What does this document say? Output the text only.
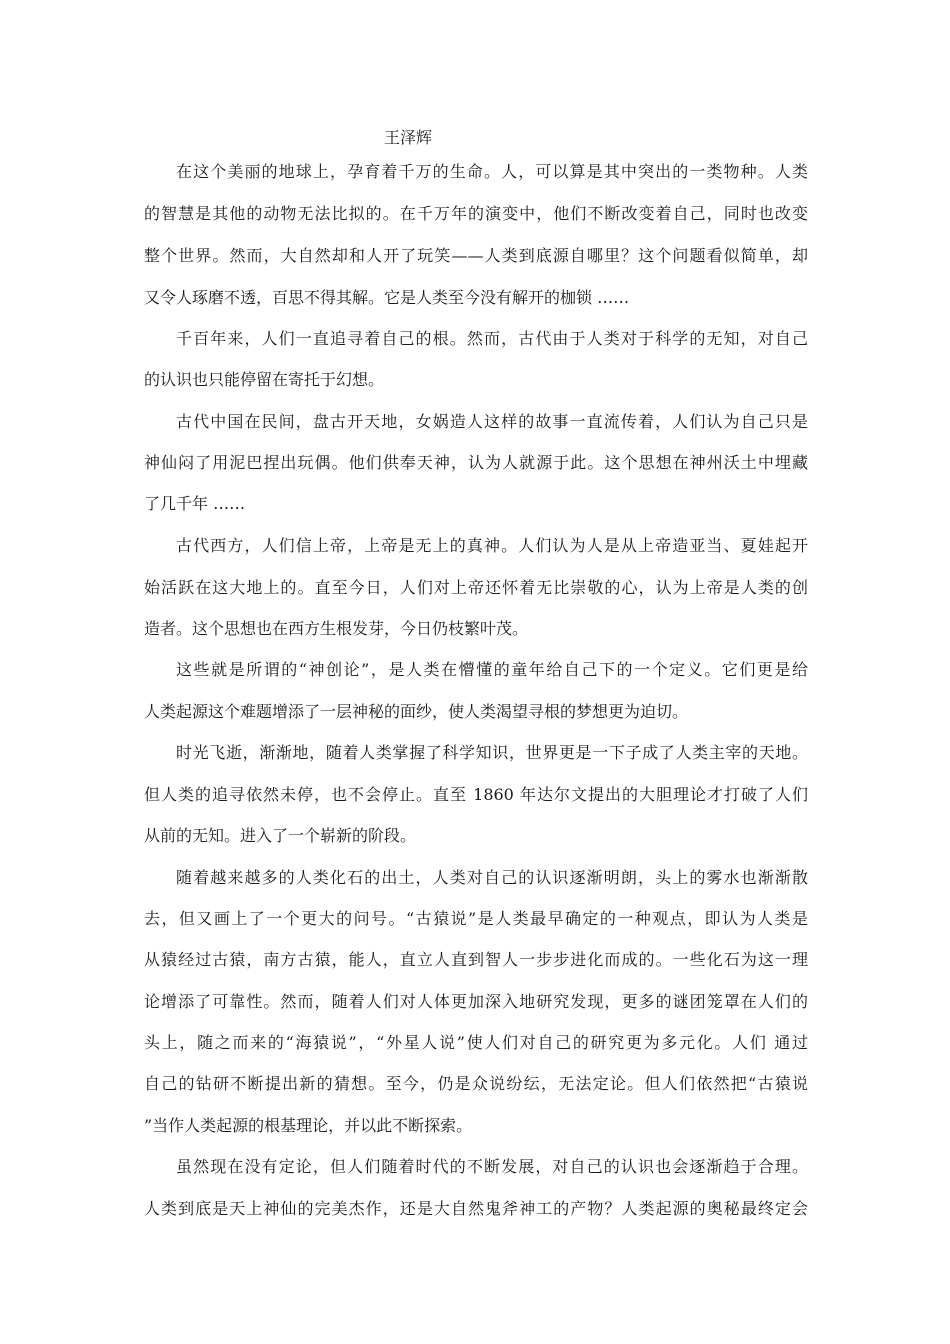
王泽辉

在这个美丽的地球上，孕育着千万的生命。人，可以算是其中突出的一类物种。人类

的智慧是其他的动物无法比拟的。在千万年的演变中，他们不断改变着自己，同时也改变

整个世界。然而，大自然却和人开了玩笑——人类到底源自哪里？这个问题看似简单，却

又令人琢磨不透，百思不得其解。它是人类至今没有解开的枷锁 ……

千百年来，人们一直追寻着自己的根。然而，古代由于人类对于科学的无知，对自己

的认识也只能停留在寄托于幻想。

古代中国在民间，盘古开天地，女娲造人这样的故事一直流传着，人们认为自己只是

神仙闷了用泥巴捏出玩偶。他们供奉天神，认为人就源于此。这个思想在神州沃土中埋藏

了几千年 ……

古代西方，人们信上帝，上帝是无上的真神。人们认为人是从上帝造亚当、夏娃起开

始活跃在这大地上的。直至今日，人们对上帝还怀着无比崇敬的心，认为上帝是人类的创

造者。这个思想也在西方生根发芽，今日仍枝繁叶茂。

这些就是所谓的“神创论”，是人类在懵懂的童年给自己下的一个定义。它们更是给

人类起源这个难题增添了一层神秘的面纱，使人类渴望寻根的梦想更为迫切。

时光飞逝，渐渐地，随着人类掌握了科学知识，世界更是一下子成了人类主宰的天地。

但人类的追寻依然未停，也不会停止。直至 1860 年达尔文提出的大胆理论才打破了人们

从前的无知。进入了一个崭新的阶段。

随着越来越多的人类化石的出土，人类对自己的认识逐渐明朗，头上的雾水也渐渐散

去，但又画上了一个更大的问号。“古猿说”是人类最早确定的一种观点，即认为人类是

从猿经过古猿，南方古猿，能人，直立人直到智人一步步进化而成的。一些化石为这一理

论增添了可靠性。然而，随着人们对人体更加深入地研究发现，更多的谜团笼罩在人们的

头上，随之而来的“海猿说”，“外星人说”使人们对自己的研究更为多元化。人们 通过

自己的钻研不断提出新的猜想。至今，仍是众说纷纭，无法定论。但人们依然把“古猿说

”当作人类起源的根基理论，并以此不断探索。

虽然现在没有定论，但人们随着时代的不断发展，对自己的认识也会逐渐趋于合理。

人类到底是天上神仙的完美杰作，还是大自然鬼斧神工的产物？人类起源的奥秘最终定会
